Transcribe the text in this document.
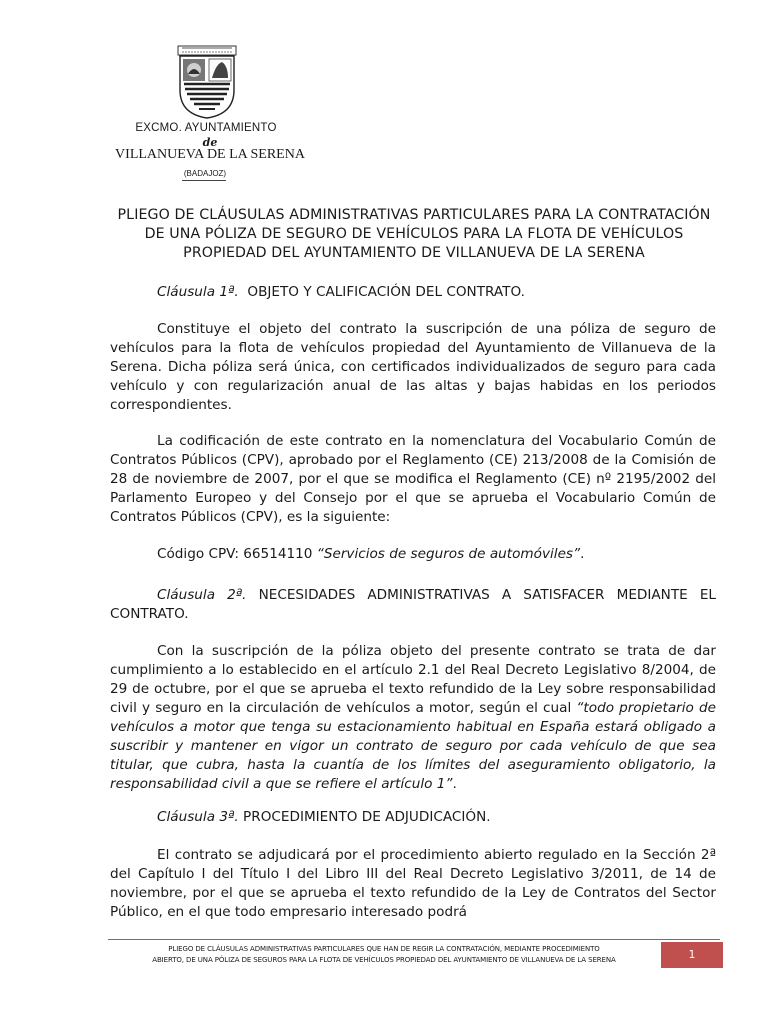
EXCMO. AYUNTAMIENTO
de
VILLANUEVA DE LA SERENA
(BADAJOZ)
PLIEGO DE CLÁUSULAS ADMINISTRATIVAS PARTICULARES PARA LA CONTRATACIÓN DE UNA PÓLIZA DE SEGURO DE VEHÍCULOS PARA LA FLOTA DE VEHÍCULOS PROPIEDAD DEL AYUNTAMIENTO DE VILLANUEVA DE LA SERENA
Cláusula 1ª. OBJETO Y CALIFICACIÓN DEL CONTRATO.
Constituye el objeto del contrato la suscripción de una póliza de seguro de vehículos para la flota de vehículos propiedad del Ayuntamiento de Villanueva de la Serena. Dicha póliza será única, con certificados individualizados de seguro para cada vehículo y con regularización anual de las altas y bajas habidas en los periodos correspondientes.
La codificación de este contrato en la nomenclatura del Vocabulario Común de Contratos Públicos (CPV), aprobado por el Reglamento (CE) 213/2008 de la Comisión de 28 de noviembre de 2007, por el que se modifica el Reglamento (CE) nº 2195/2002 del Parlamento Europeo y del Consejo por el que se aprueba el Vocabulario Común de Contratos Públicos (CPV), es la siguiente:
Código CPV: 66514110 “Servicios de seguros de automóviles”.
Cláusula 2ª. NECESIDADES ADMINISTRATIVAS A SATISFACER MEDIANTE EL CONTRATO.
Con la suscripción de la póliza objeto del presente contrato se trata de dar cumplimiento a lo establecido en el artículo 2.1 del Real Decreto Legislativo 8/2004, de 29 de octubre, por el que se aprueba el texto refundido de la Ley sobre responsabilidad civil y seguro en la circulación de vehículos a motor, según el cual “todo propietario de vehículos a motor que tenga su estacionamiento habitual en España estará obligado a suscribir y mantener en vigor un contrato de seguro por cada vehículo de que sea titular, que cubra, hasta la cuantía de los límites del aseguramiento obligatorio, la responsabilidad civil a que se refiere el artículo 1”.
Cláusula 3ª. PROCEDIMIENTO DE ADJUDICACIÓN.
El contrato se adjudicará por el procedimiento abierto regulado en la Sección 2ª del Capítulo I del Título I del Libro III del Real Decreto Legislativo 3/2011, de 14 de noviembre, por el que se aprueba el texto refundido de la Ley de Contratos del Sector Público, en el que todo empresario interesado podrá
PLIEGO DE CLÁUSULAS ADMINISTRATIVAS PARTICULARES QUE HAN DE REGIR LA CONTRATACIÓN, MEDIANTE PROCEDIMIENTO
ABIERTO, DE UNA PÓLIZA DE SEGUROS PARA LA FLOTA DE VEHÍCULOS PROPIEDAD DEL AYUNTAMIENTO DE VILLANUEVA DE LA SERENA	1
